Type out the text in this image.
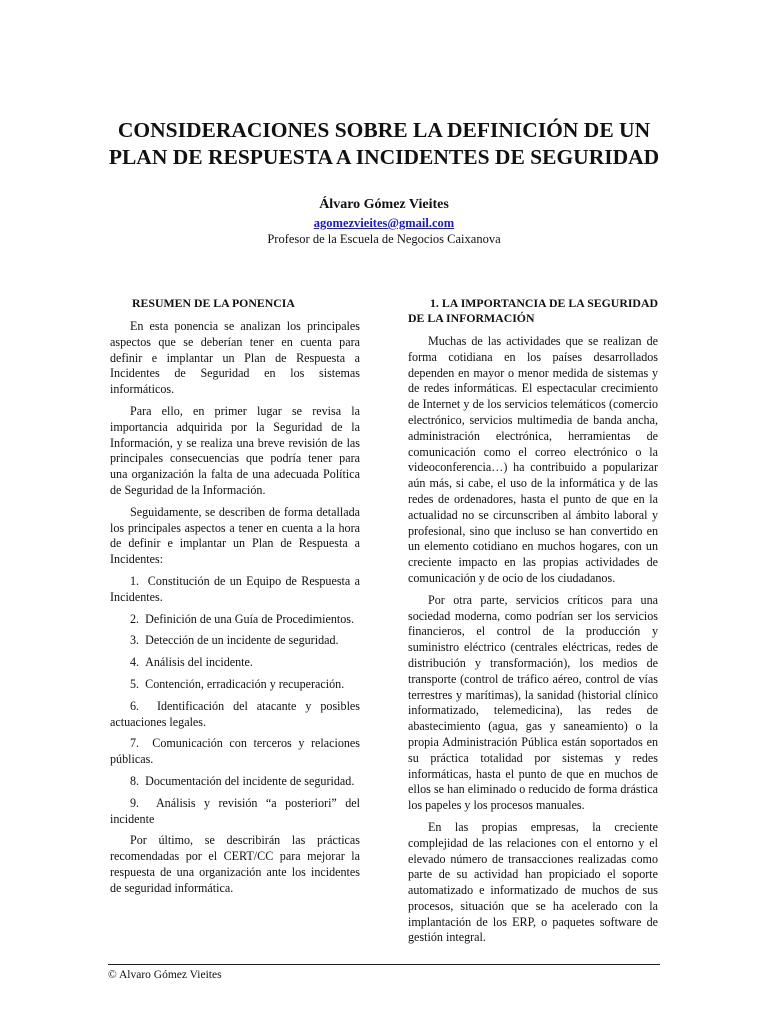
CONSIDERACIONES SOBRE LA DEFINICIÓN DE UN PLAN DE RESPUESTA A INCIDENTES DE SEGURIDAD
Álvaro Gómez Vieites
agomezvieites@gmail.com
Profesor de la Escuela de Negocios Caixanova
RESUMEN DE LA PONENCIA

En esta ponencia se analizan los principales aspectos que se deberían tener en cuenta para definir e implantar un Plan de Respuesta a Incidentes de Seguridad en los sistemas informáticos.

Para ello, en primer lugar se revisa la importancia adquirida por la Seguridad de la Información, y se realiza una breve revisión de las principales consecuencias que podría tener para una organización la falta de una adecuada Política de Seguridad de la Información.

Seguidamente, se describen de forma detallada los principales aspectos a tener en cuenta a la hora de definir e implantar un Plan de Respuesta a Incidentes:

1. Constitución de un Equipo de Respuesta a Incidentes.
2. Definición de una Guía de Procedimientos.
3. Detección de un incidente de seguridad.
4. Análisis del incidente.
5. Contención, erradicación y recuperación.
6. Identificación del atacante y posibles actuaciones legales.
7. Comunicación con terceros y relaciones públicas.
8. Documentación del incidente de seguridad.
9. Análisis y revisión “a posteriori” del incidente

Por último, se describirán las prácticas recomendadas por el CERT/CC para mejorar la respuesta de una organización ante los incidentes de seguridad informática.

1. LA IMPORTANCIA DE LA SEGURIDAD DE LA INFORMACIÓN

Muchas de las actividades que se realizan de forma cotidiana en los países desarrollados dependen en mayor o menor medida de sistemas y de redes informáticas. El espectacular crecimiento de Internet y de los servicios telemáticos (comercio electrónico, servicios multimedia de banda ancha, administración electrónica, herramientas de comunicación como el correo electrónico o la videoconferencia…) ha contribuido a popularizar aún más, si cabe, el uso de la informática y de las redes de ordenadores, hasta el punto de que en la actualidad no se circunscriben al ámbito laboral y profesional, sino que incluso se han convertido en un elemento cotidiano en muchos hogares, con un creciente impacto en las propias actividades de comunicación y de ocio de los ciudadanos.

Por otra parte, servicios críticos para una sociedad moderna, como podrían ser los servicios financieros, el control de la producción y suministro eléctrico (centrales eléctricas, redes de distribución y transformación), los medios de transporte (control de tráfico aéreo, control de vías terrestres y marítimas), la sanidad (historial clínico informatizado, telemedicina), las redes de abastecimiento (agua, gas y saneamiento) o la propia Administración Pública están soportados en su práctica totalidad por sistemas y redes informáticas, hasta el punto de que en muchos de ellos se han eliminado o reducido de forma drástica los papeles y los procesos manuales.

En las propias empresas, la creciente complejidad de las relaciones con el entorno y el elevado número de transacciones realizadas como parte de su actividad han propiciado el soporte automatizado e informatizado de muchos de sus procesos, situación que se ha acelerado con la implantación de los ERP, o paquetes software de gestión integral.

© Alvaro Gómez Vieites
